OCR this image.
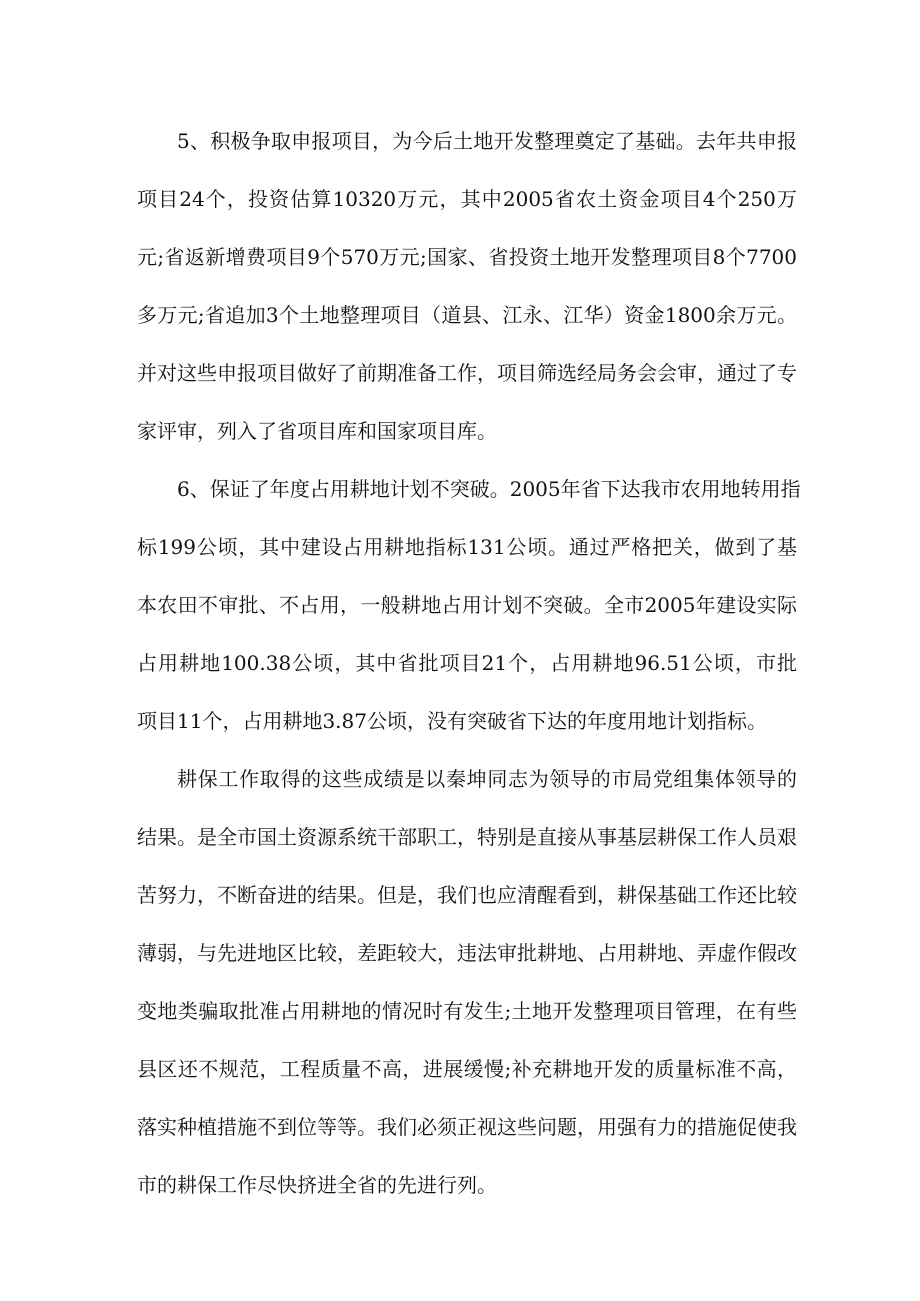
5、积极争取申报项目，为今后土地开发整理奠定了基础。去年共申报
项目24个，投资估算10320万元，其中2005省农土资金项目4个250万
元;省返新增费项目9个570万元;国家、省投资土地开发整理项目8个7700
多万元;省追加3个土地整理项目（道县、江永、江华）资金1800余万元。
并对这些申报项目做好了前期准备工作，项目筛选经局务会会审，通过了专
家评审，列入了省项目库和国家项目库。
6、保证了年度占用耕地计划不突破。2005年省下达我市农用地转用指
标199公顷，其中建设占用耕地指标131公顷。通过严格把关，做到了基
本农田不审批、不占用，一般耕地占用计划不突破。全市2005年建设实际
占用耕地100.38公顷，其中省批项目21个，占用耕地96.51公顷，市批
项目11个，占用耕地3.87公顷，没有突破省下达的年度用地计划指标。
耕保工作取得的这些成绩是以秦坤同志为领导的市局党组集体领导的
结果。是全市国土资源系统干部职工，特别是直接从事基层耕保工作人员艰
苦努力，不断奋进的结果。但是，我们也应清醒看到，耕保基础工作还比较
薄弱，与先进地区比较，差距较大，违法审批耕地、占用耕地、弄虚作假改
变地类骗取批准占用耕地的情况时有发生;土地开发整理项目管理，在有些
县区还不规范，工程质量不高，进展缓慢;补充耕地开发的质量标准不高，
落实种植措施不到位等等。我们必须正视这些问题，用强有力的措施促使我
市的耕保工作尽快挤进全省的先进行列。
